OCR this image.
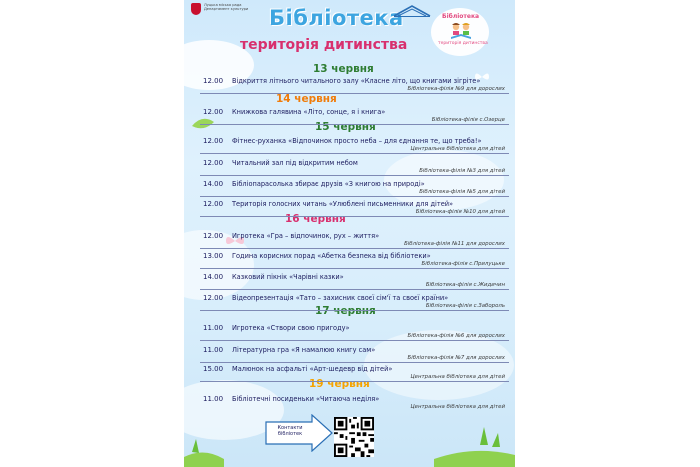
Луцька міська рада Департамент культури Бібліотека
територія дитинства
Бібліотека
територія дитинства
13 червня
14 червня
15 червня
16 червня
17 червня
19 червня
12.00 Відкриття літнього читального залу «Класне літо, що книгами зігріте»
Бібліотека-філія №9 для дорослих
12.00 Книжкова галявина «Літо, сонце, я і книга»
Бібліотека-філія с.Озерце
12.00 Фітнес-руханка «Відпочинок просто неба – для єднання те, що треба!»
Центральна бібліотека для дітей
12.00 Читальний зал під відкритим небом
Бібліотека-філія №3 для дітей
14.00 Бібліопарасолька збирає друзів «З книгою на природі»
Бібліотека-філія №5 для дітей
12.00 Територія голосних читань «Улюблені письменники для дітей»
Бібліотека-філія №10 для дітей
12.00 Игротека «Гра – відпочинок, рух – життя»
Бібліотека-філія №11 для дорослих
13.00 Година корисних порад «Абетка безпека від бібліотеки»
Бібліотека-філія с.Прилуцьке
14.00 Казковий пікнік «Чарівні казки»
Бібліотека-філія с.Жидичин
12.00 Відеопрезентація «Тато – захисник своєї сім'ї та своєї країни»
Бібліотека-філія с.Забороль
11.00 Игротека «Створи свою пригоду»
Бібліотека-філія №6 для дорослих
11.00 Літературна гра «Я намалюю книгу сам»
Бібліотека-філія №7 для дорослих
15.00 Малюнок на асфальті «Арт-шедевр від дітей»
Центральна бібліотека для дітей
11.00 Бібліотечні посиденьки «Читаюча неділя»
Центральна бібліотека для дітей
Контакти бібліотек
